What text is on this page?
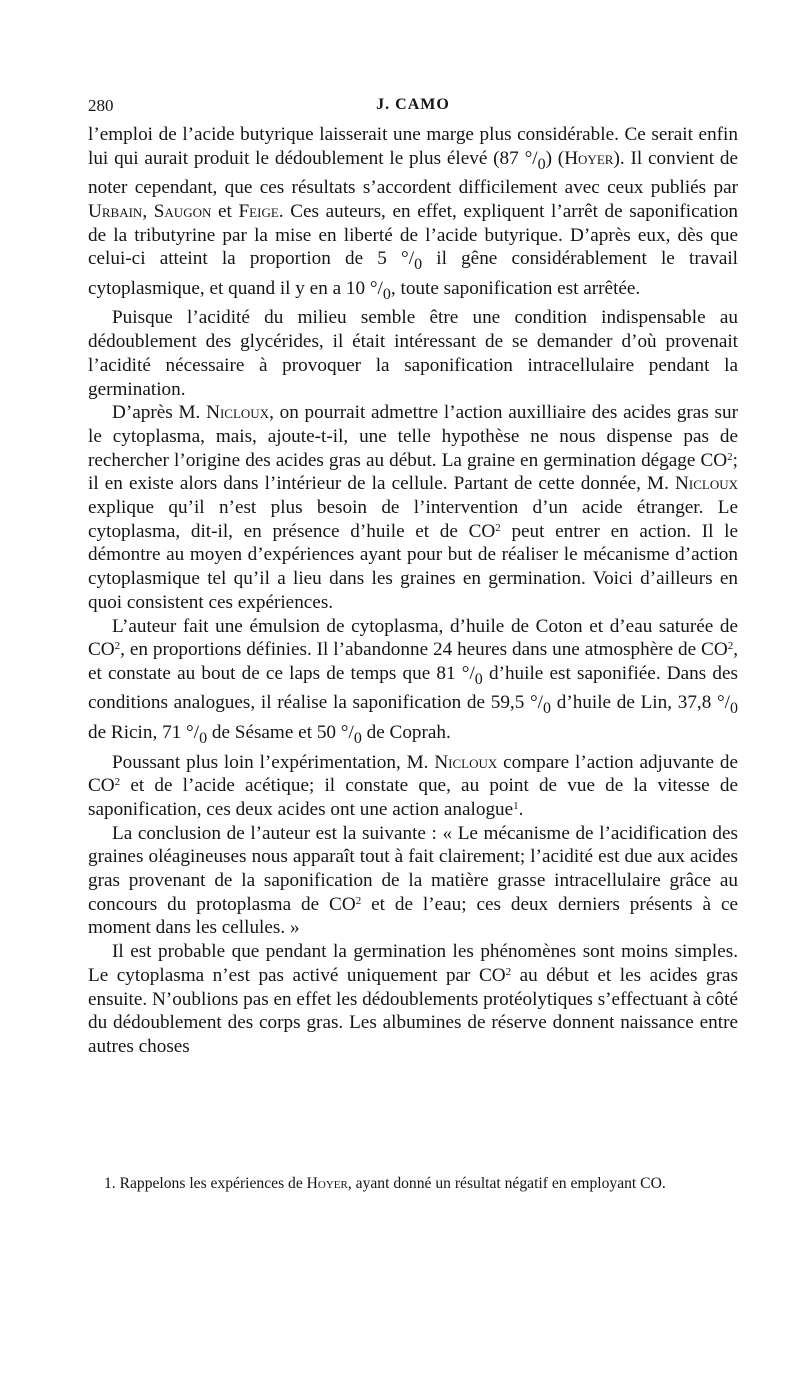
280	J. CAMO

l’emploi de l’acide butyrique laisserait une marge plus considérable. Ce serait enfin lui qui aurait produit le dédoublement le plus élevé (87 $^\circ/_0$) (Hoyer). Il convient de noter cependant, que ces résultats s’accordent difficilement avec ceux publiés par Urbain, Saugon et Feige. Ces auteurs, en effet, expliquent l’arrêt de saponification de la tributyrine par la mise en liberté de l’acide butyrique. D’après eux, dès que celui-ci atteint la proportion de 5 $^\circ/_0$ il gêne considérablement le travail cytoplasmique, et quand il y en a 10 $^\circ/_0$, toute saponification est arrêtée.

Puisque l’acidité du milieu semble être une condition indispensable au dédoublement des glycérides, il était intéressant de se demander d’où provenait l’acidité nécessaire à provoquer la saponification intracellulaire pendant la germination.

D’après M. Nicloux, on pourrait admettre l’action auxilliaire des acides gras sur le cytoplasma, mais, ajoute-t-il, une telle hypothèse ne nous dispense pas de rechercher l’origine des acides gras au début. La graine en germination dégage $CO^2$; il en existe alors dans l’intérieur de la cellule. Partant de cette donnée, M. Nicloux explique qu’il n’est plus besoin de l’intervention d’un acide étranger. Le cytoplasma, dit-il, en présence d’huile et de $CO^2$ peut entrer en action. Il le démontre au moyen d’expériences ayant pour but de réaliser le mécanisme d’action cytoplasmique tel qu’il a lieu dans les graines en germination. Voici d’ailleurs en quoi consistent ces expériences.

L’auteur fait une émulsion de cytoplasma, d’huile de Coton et d’eau saturée de $CO^2$, en proportions définies. Il l’abandonne 24 heures dans une atmosphère de $CO^2$, et constate au bout de ce laps de temps que 81 $^\circ/_0$ d’huile est saponifiée. Dans des conditions analogues, il réalise la saponification de 59,5 $^\circ/_0$ d’huile de Lin, 37,8 $^\circ/_0$ de Ricin, 71 $^\circ/_0$ de Sésame et 50 $^\circ/_0$ de Coprah.

Poussant plus loin l’expérimentation, M. Nicloux compare l’action adjuvante de $CO^2$ et de l’acide acétique; il constate que, au point de vue de la vitesse de saponification, ces deux acides ont une action analogue$^1$.

La conclusion de l’auteur est la suivante : « Le mécanisme de l’acidification des graines oléagineuses nous apparaît tout à fait clairement; l’acidité est due aux acides gras provenant de la saponification de la matière grasse intracellulaire grâce au concours du protoplasma de $CO^2$ et de l’eau; ces deux derniers présents à ce moment dans les cellules. »

Il est probable que pendant la germination les phénomènes sont moins simples. Le cytoplasma n’est pas activé uniquement par $CO^2$ au début et les acides gras ensuite. N’oublions pas en effet les dédoublements protéolytiques s’effectuant à côté du dédoublement des corps gras. Les albumines de réserve donnent naissance entre autres choses

1. Rappelons les expériences de Hoyer, ayant donné un résultat négatif en employant CO.
